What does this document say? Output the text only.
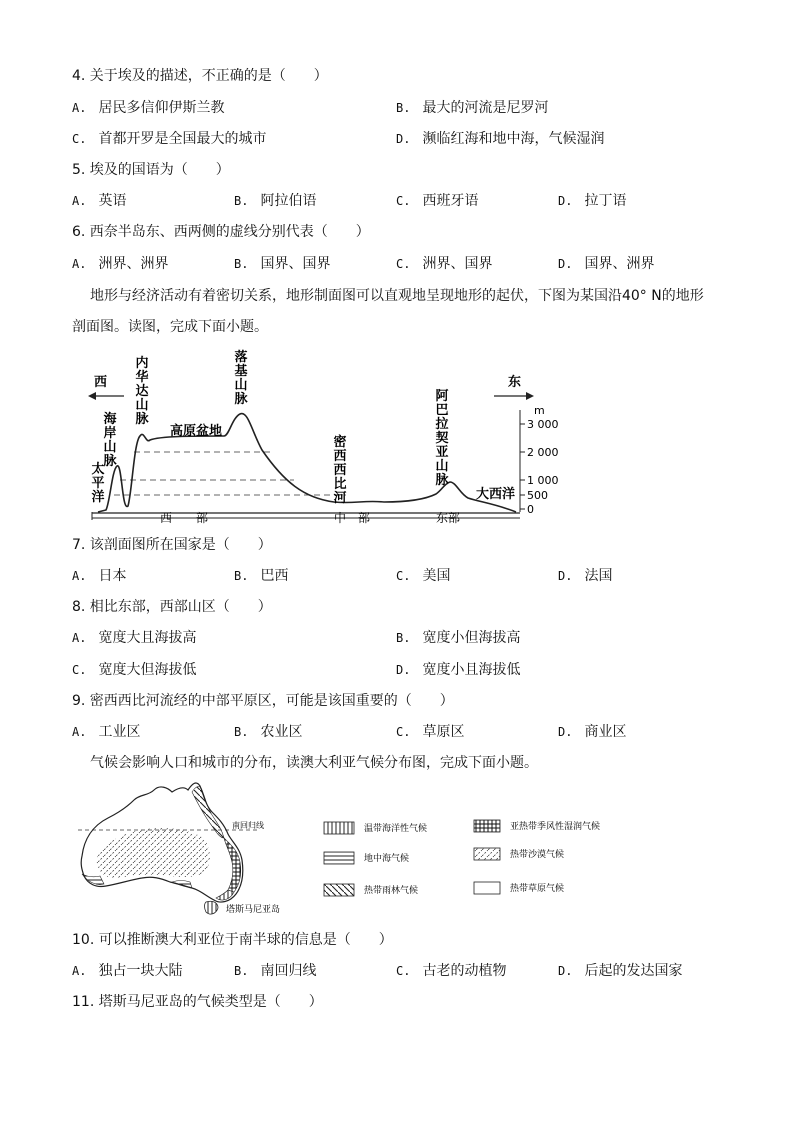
4. 关于埃及的描述，不正确的是（　　）
A. 居民多信仰伊斯兰教	B. 最大的河流是尼罗河
C. 首都开罗是全国最大的城市	D. 濒临红海和地中海，气候湿润
5. 埃及的国语为（　　）
A. 英语	B. 阿拉伯语	C. 西班牙语	D. 拉丁语
6. 西奈半岛东、西两侧的虚线分别代表（　　）
A. 洲界、洲界	B. 国界、国界	C. 洲界、国界	D. 国界、洲界
地形与经济活动有着密切关系，地形制面图可以直观地呈现地形的起伏，下图为某国沿40° N的地形
剖面图。读图，完成下面小题。
m
3 000
2 000
1 000
500
0
西	东
海
岸
山
脉
太
平
洋
内
华
达
山
脉
落
基
山
脉
密
西
西
比
河
阿
巴
拉
契
亚
山
脉
高原盆地
大西洋
西　　部	中　部	东部
7. 该剖面图所在国家是（　　）
A. 日本	B. 巴西	C. 美国	D. 法国
8. 相比东部，西部山区（　　）
A. 宽度大且海拔高	B. 宽度小但海拔高
C. 宽度大但海拔低	D. 宽度小且海拔低
9. 密西西比河流经的中部平原区，可能是该国重要的（　　）
A. 工业区	B. 农业区	C. 草原区	D. 商业区
气候会影响人口和城市的分布，读澳大利亚气候分布图，完成下面小题。
南回归线
塔斯马尼亚岛
温带海洋性气候	亚热带季风性湿润气候
地中海气候	热带沙漠气候
热带雨林气候	热带草原气候
10. 可以推断澳大利亚位于南半球的信息是（　　）
A. 独占一块大陆	B. 南回归线	C. 古老的动植物	D. 后起的发达国家
11. 塔斯马尼亚岛的气候类型是（　　）
